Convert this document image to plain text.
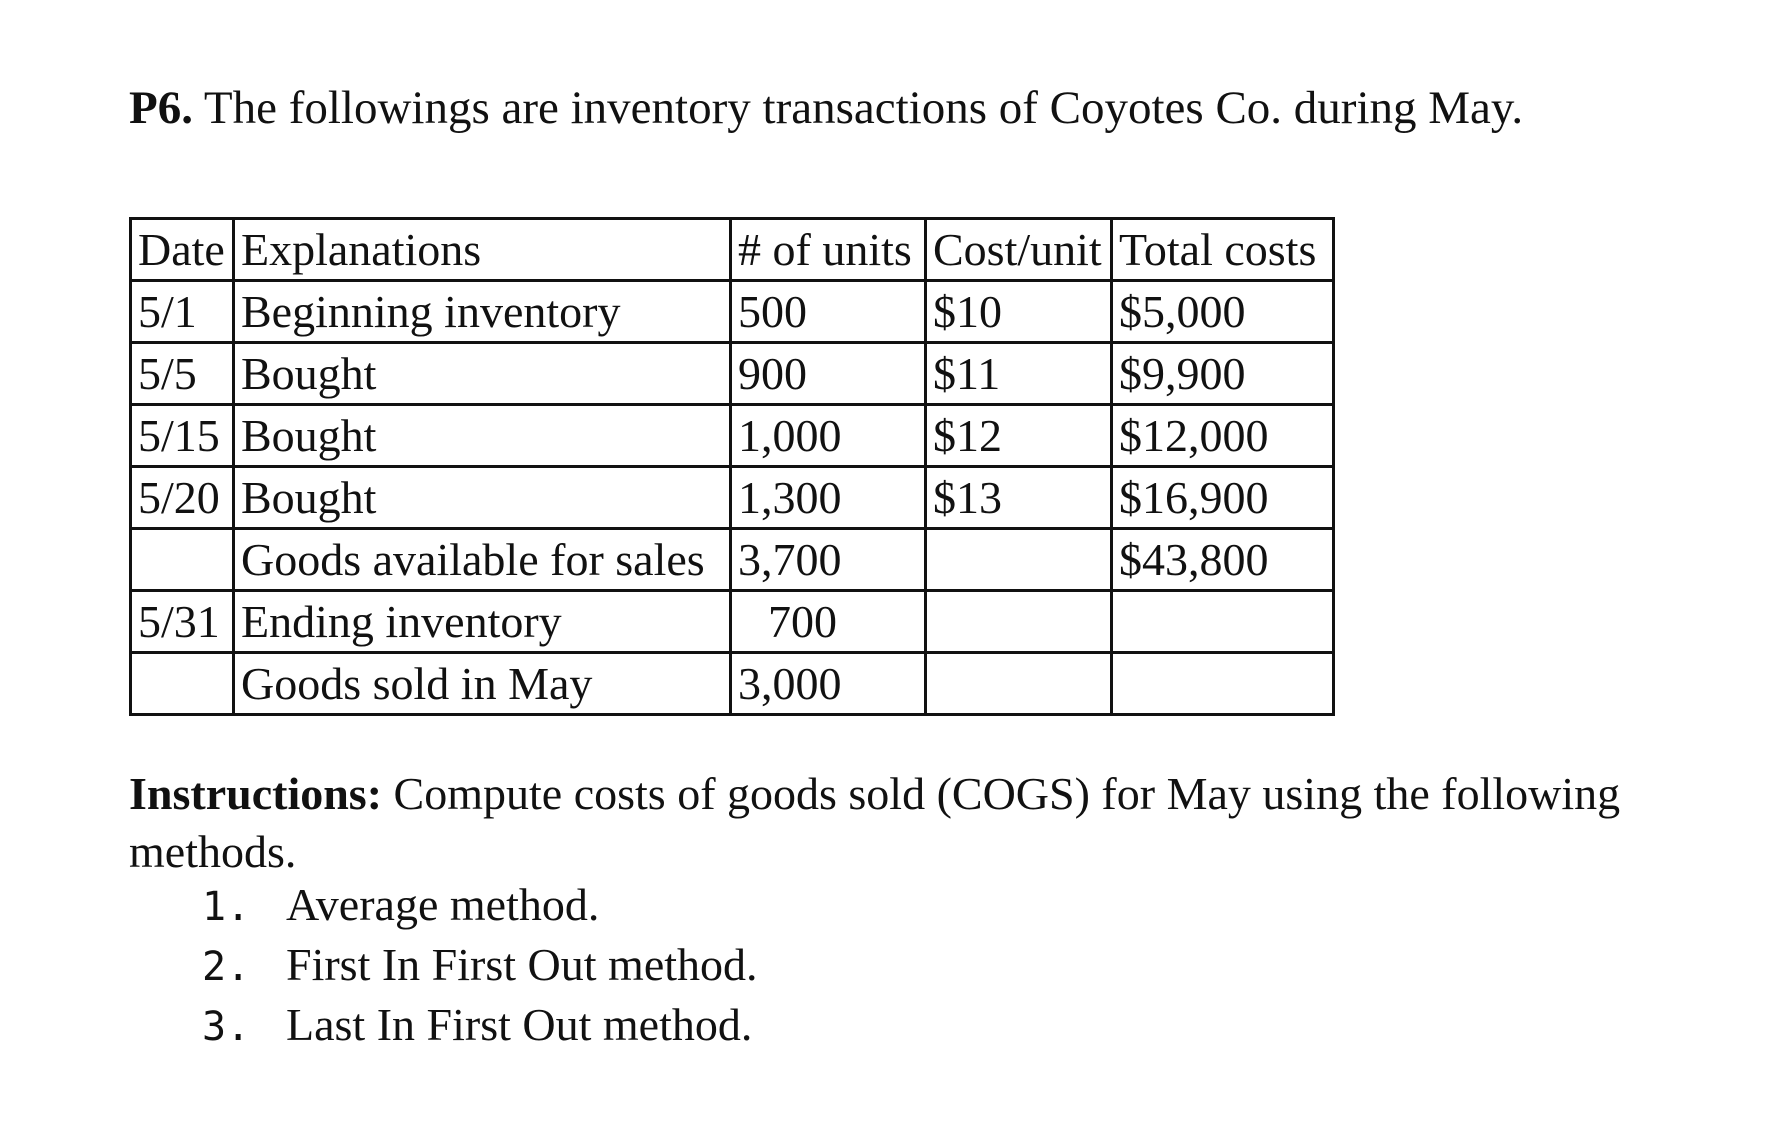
P6. The followings are inventory transactions of Coyotes Co. during May.
Date	Explanations	# of units	Cost/unit	Total costs
5/1	Beginning inventory	500	$10	$5,000
5/5	Bought	900	$11	$9,900
5/15	Bought	1,000	$12	$12,000
5/20	Bought	1,300	$13	$16,900
	Goods available for sales	3,700		$43,800
5/31	Ending inventory	700		
	Goods sold in May	3,000		
Instructions: Compute costs of goods sold (COGS) for May using the following methods.
1. Average method.
2. First In First Out method.
3. Last In First Out method.
